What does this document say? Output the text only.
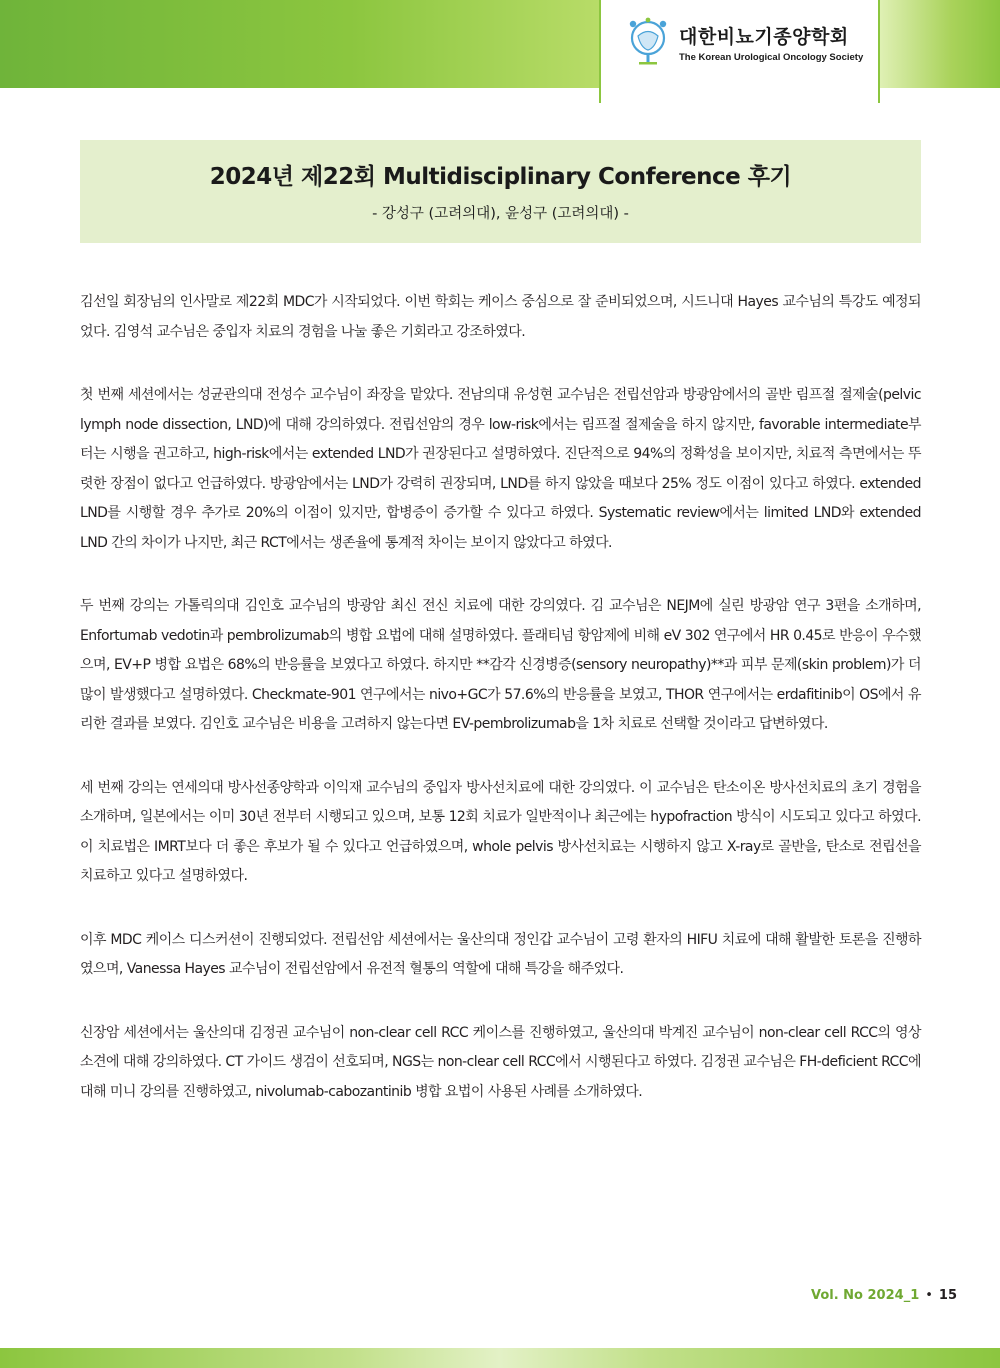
대한비뇨기종양학회
The Korean Urological Oncology Society
2024년 제22회 Multidisciplinary Conference 후기
- 강성구 (고려의대), 윤성구 (고려의대) -

김선일 회장님의 인사말로 제22회 MDC가 시작되었다. 이번 학회는 케이스 중심으로 잘 준비되었으며, 시드니대 Hayes 교수님의 특강도 예정되었다. 김영석 교수님은 중입자 치료의 경험을 나눌 좋은 기회라고 강조하였다.

첫 번째 세션에서는 성균관의대 전성수 교수님이 좌장을 맡았다. 전남의대 유성현 교수님은 전립선암과 방광암에서의 골반 림프절 절제술(pelvic lymph node dissection, LND)에 대해 강의하였다. 전립선암의 경우 low-risk에서는 림프절 절제술을 하지 않지만, favorable intermediate부터는 시행을 권고하고, high-risk에서는 extended LND가 권장된다고 설명하였다. 진단적으로 94%의 정확성을 보이지만, 치료적 측면에서는 뚜렷한 장점이 없다고 언급하였다. 방광암에서는 LND가 강력히 권장되며, LND를 하지 않았을 때보다 25% 정도 이점이 있다고 하였다. extended LND를 시행할 경우 추가로 20%의 이점이 있지만, 합병증이 증가할 수 있다고 하였다. Systematic review에서는 limited LND와 extended LND 간의 차이가 나지만, 최근 RCT에서는 생존율에 통계적 차이는 보이지 않았다고 하였다.

두 번째 강의는 가톨릭의대 김인호 교수님의 방광암 최신 전신 치료에 대한 강의였다. 김 교수님은 NEJM에 실린 방광암 연구 3편을 소개하며, Enfortumab vedotin과 pembrolizumab의 병합 요법에 대해 설명하였다. 플래티넘 항암제에 비해 eV 302 연구에서 HR 0.45로 반응이 우수했으며, EV+P 병합 요법은 68%의 반응률을 보였다고 하였다. 하지만 **감각 신경병증(sensory neuropathy)**과 피부 문제(skin problem)가 더 많이 발생했다고 설명하였다. Checkmate-901 연구에서는 nivo+GC가 57.6%의 반응률을 보였고, THOR 연구에서는 erdafitinib이 OS에서 유리한 결과를 보였다. 김인호 교수님은 비용을 고려하지 않는다면 EV-pembrolizumab을 1차 치료로 선택할 것이라고 답변하였다.

세 번째 강의는 연세의대 방사선종양학과 이익재 교수님의 중입자 방사선치료에 대한 강의였다. 이 교수님은 탄소이온 방사선치료의 초기 경험을 소개하며, 일본에서는 이미 30년 전부터 시행되고 있으며, 보통 12회 치료가 일반적이나 최근에는 hypofraction 방식이 시도되고 있다고 하였다. 이 치료법은 IMRT보다 더 좋은 후보가 될 수 있다고 언급하였으며, whole pelvis 방사선치료는 시행하지 않고 X-ray로 골반을, 탄소로 전립선을 치료하고 있다고 설명하였다.

이후 MDC 케이스 디스커션이 진행되었다. 전립선암 세션에서는 울산의대 정인갑 교수님이 고령 환자의 HIFU 치료에 대해 활발한 토론을 진행하였으며, Vanessa Hayes 교수님이 전립선암에서 유전적 혈통의 역할에 대해 특강을 해주었다.

신장암 세션에서는 울산의대 김정권 교수님이 non-clear cell RCC 케이스를 진행하였고, 울산의대 박계진 교수님이 non-clear cell RCC의 영상 소견에 대해 강의하였다. CT 가이드 생검이 선호되며, NGS는 non-clear cell RCC에서 시행된다고 하였다. 김정권 교수님은 FH-deficient RCC에 대해 미니 강의를 진행하였고, nivolumab-cabozantinib 병합 요법이 사용된 사례를 소개하였다.

Vol. No 2024_1 • 15
